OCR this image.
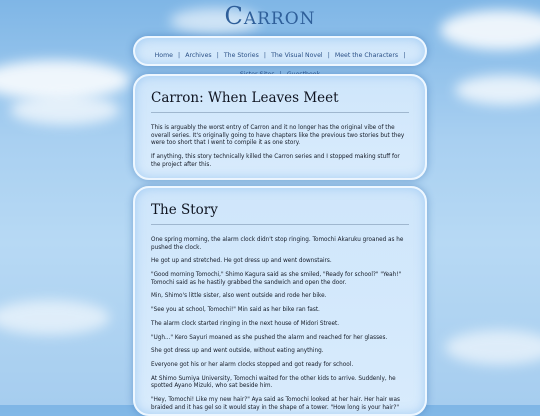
Carron
Home | Archives | The Stories | The Visual Novel | Meet the Characters |
Carron: When Leaves Meet

This is arguably the worst entry of Carron and it no longer has the original vibe of the overall series. It's originally going to have chapters like the previous two stories but they were too short that I went to compile it as one story.

If anything, this story technically killed the Carron series and I stopped making stuff for the project after this.

The Story

One spring morning, the alarm clock didn't stop ringing. Tomochi Akaruku groaned as he pushed the clock.

He got up and stretched. He got dress up and went downstairs.

"Good morning Tomochi," Shimo Kagura said as she smiled, "Ready for school?" "Yeah!" Tomochi said as he hastily grabbed the sandwich and open the door.

Min, Shimo's little sister, also went outside and rode her bike.

"See you at school, Tomochi!" Min said as her bike ran fast.

The alarm clock started ringing in the next house of Midori Street.

"Ugh..." Kero Sayuri moaned as she pushed the alarm and reached for her glasses.

She got dress up and went outside, without eating anything.

Everyone got his or her alarm clocks stopped and got ready for school.

At Shimo Sumiya University, Tomochi waited for the other kids to arrive. Suddenly, he spotted Ayano Mizuki, who sat beside him.

"Hey, Tomochi! Like my new hair?" Aya said as Tomochi looked at her hair. Her hair was braided and it has gel so it would stay in the shape of a tower. "How long is your hair?"
